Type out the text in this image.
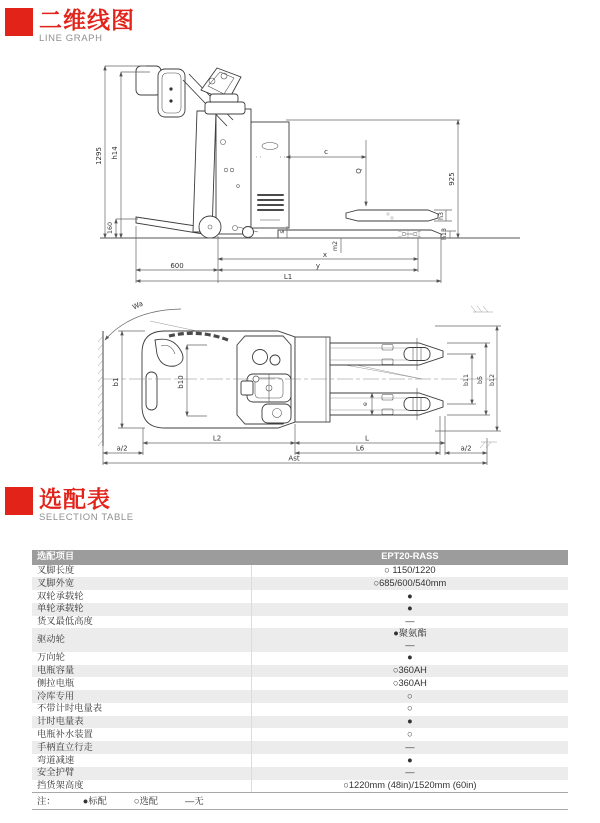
二维线图
LINE GRAPH
1295 h14
160
600	y
L1
x
m2
s
c
Q
925
h3
h13
Wa
b1	b10
L2	L
a/2	L6	a/2
Ast
e
b11 b5 b12
选配表
SELECTION TABLE
选配项目	EPT20-RASS
叉脚长度	○ 1150/1220
叉脚外宽	○685/600/540mm
双轮承载轮	●
单轮承载轮	●
货叉最低高度	—
驱动轮
●聚氨酯
—
万向轮	●
电瓶容量	○360AH
侧拉电瓶	○360AH
冷库专用	○
不带计时电量表	○
计时电量表	●
电瓶补水装置	○
手柄直立行走	—
弯道减速	●
安全护臂	—
挡货架高度	○1220mm (48in)/1520mm (60in)
注：	●标配	○选配	—无
